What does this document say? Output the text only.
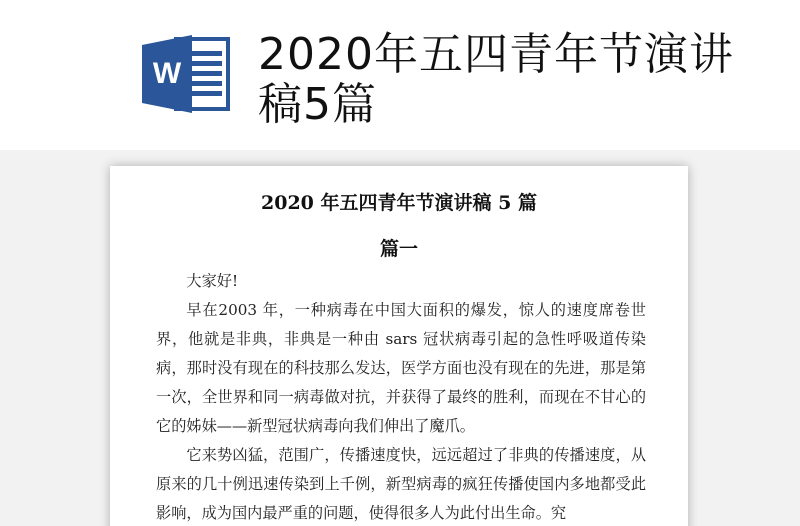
W 2020年五四青年节演讲稿5篇
2020 年五四青年节演讲稿 5 篇
篇一

大家好!

早在2003 年，一种病毒在中国大面积的爆发，惊人的速度席卷世界，他就是非典，非典是一种由 sars 冠状病毒引起的急性呼吸道传染病，那时没有现在的科技那么发达，医学方面也没有现在的先进，那是第一次，全世界和同一病毒做对抗，并获得了最终的胜利，而现在不甘心的它的姊妹——新型冠状病毒向我们伸出了魔爪。

它来势凶猛，范围广，传播速度快，远远超过了非典的传播速度，从原来的几十例迅速传染到上千例，新型病毒的疯狂传播使国内多地都受此影响，成为国内最严重的问题，使得很多人为此付出生命。究
